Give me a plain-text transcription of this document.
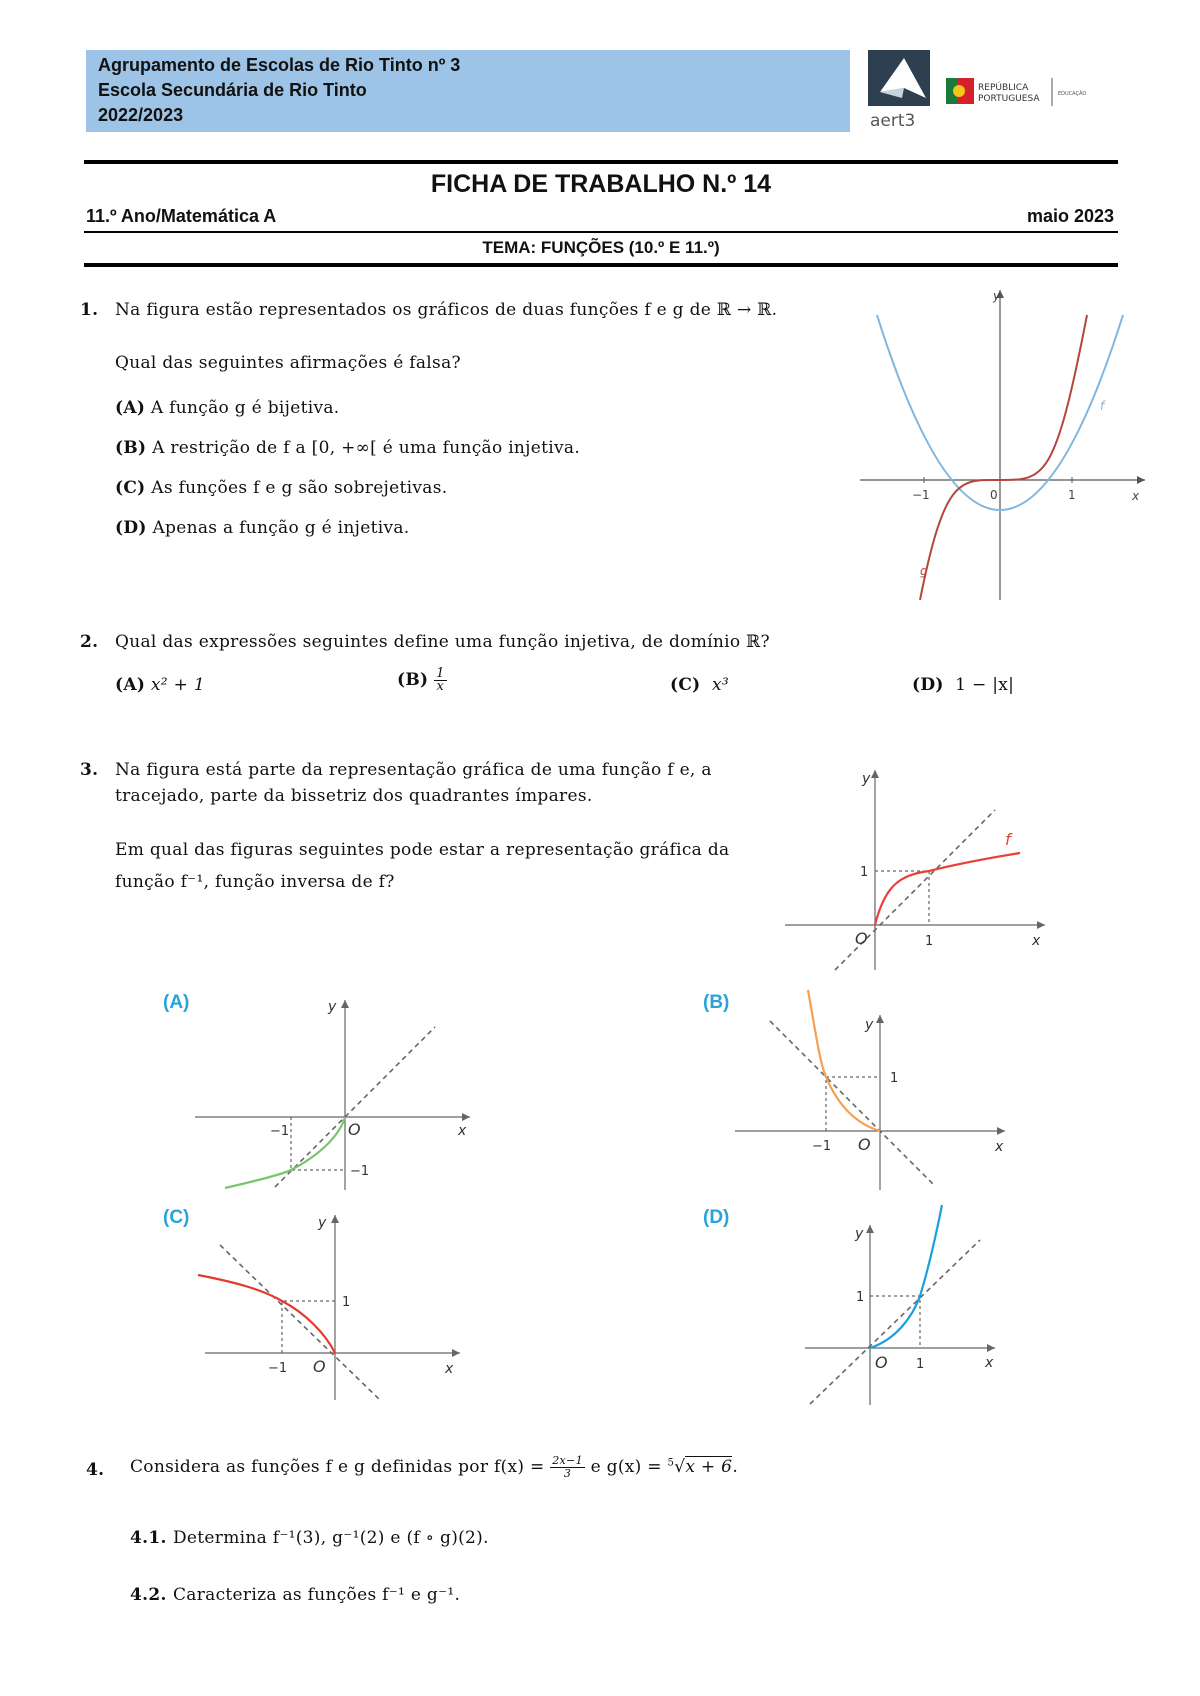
Agrupamento de Escolas de Rio Tinto nº 3
Escola Secundária de Rio Tinto
2022/2023	aert3
REPÚBLICA
PORTUGUESA	EDUCAÇÃO
FICHA DE TRABALHO N.º 14
11.º Ano/Matemática A	maio 2023
TEMA: FUNÇÕES (10.º E 11.º)
1. Na figura estão representados os gráficos de duas funções f e g de ℝ → ℝ.
Qual das seguintes afirmações é falsa?
(A) A função g é bijetiva.
(B) A restrição de f a [0, +∞[ é uma função injetiva.
(C) As funções f e g são sobrejetivas.
(D) Apenas a função g é injetiva.
y
x
0
−1	1
f
g
2. Qual das expressões seguintes define uma função injetiva, de domínio ℝ?
(A) x² + 1	$(B) \frac{1}{x}$	(C) x³	(D) 1 − |x|
3. Na figura está parte da representação gráfica de uma função f e, a
tracejado, parte da bissetriz dos quadrantes ímpares.
Em qual das figuras seguintes pode estar a representação gráfica da
função f⁻¹, função inversa de f?
y
x
O	1
1
f
(A)	y
x
O
−1
−1
(B)
y
x
O
−1
1
(C)	y
x
O
−1
1
(D)
y
x
O 1
1
4. Considera as funções f e g definidas por $f(x) = \frac{2x-1}{3}$ e g(x) = $^5$√x + 6.
4.1. Determina f⁻¹(3), g⁻¹(2) e (f ∘ g)(2).
4.2. Caracteriza as funções f⁻¹ e g⁻¹.
